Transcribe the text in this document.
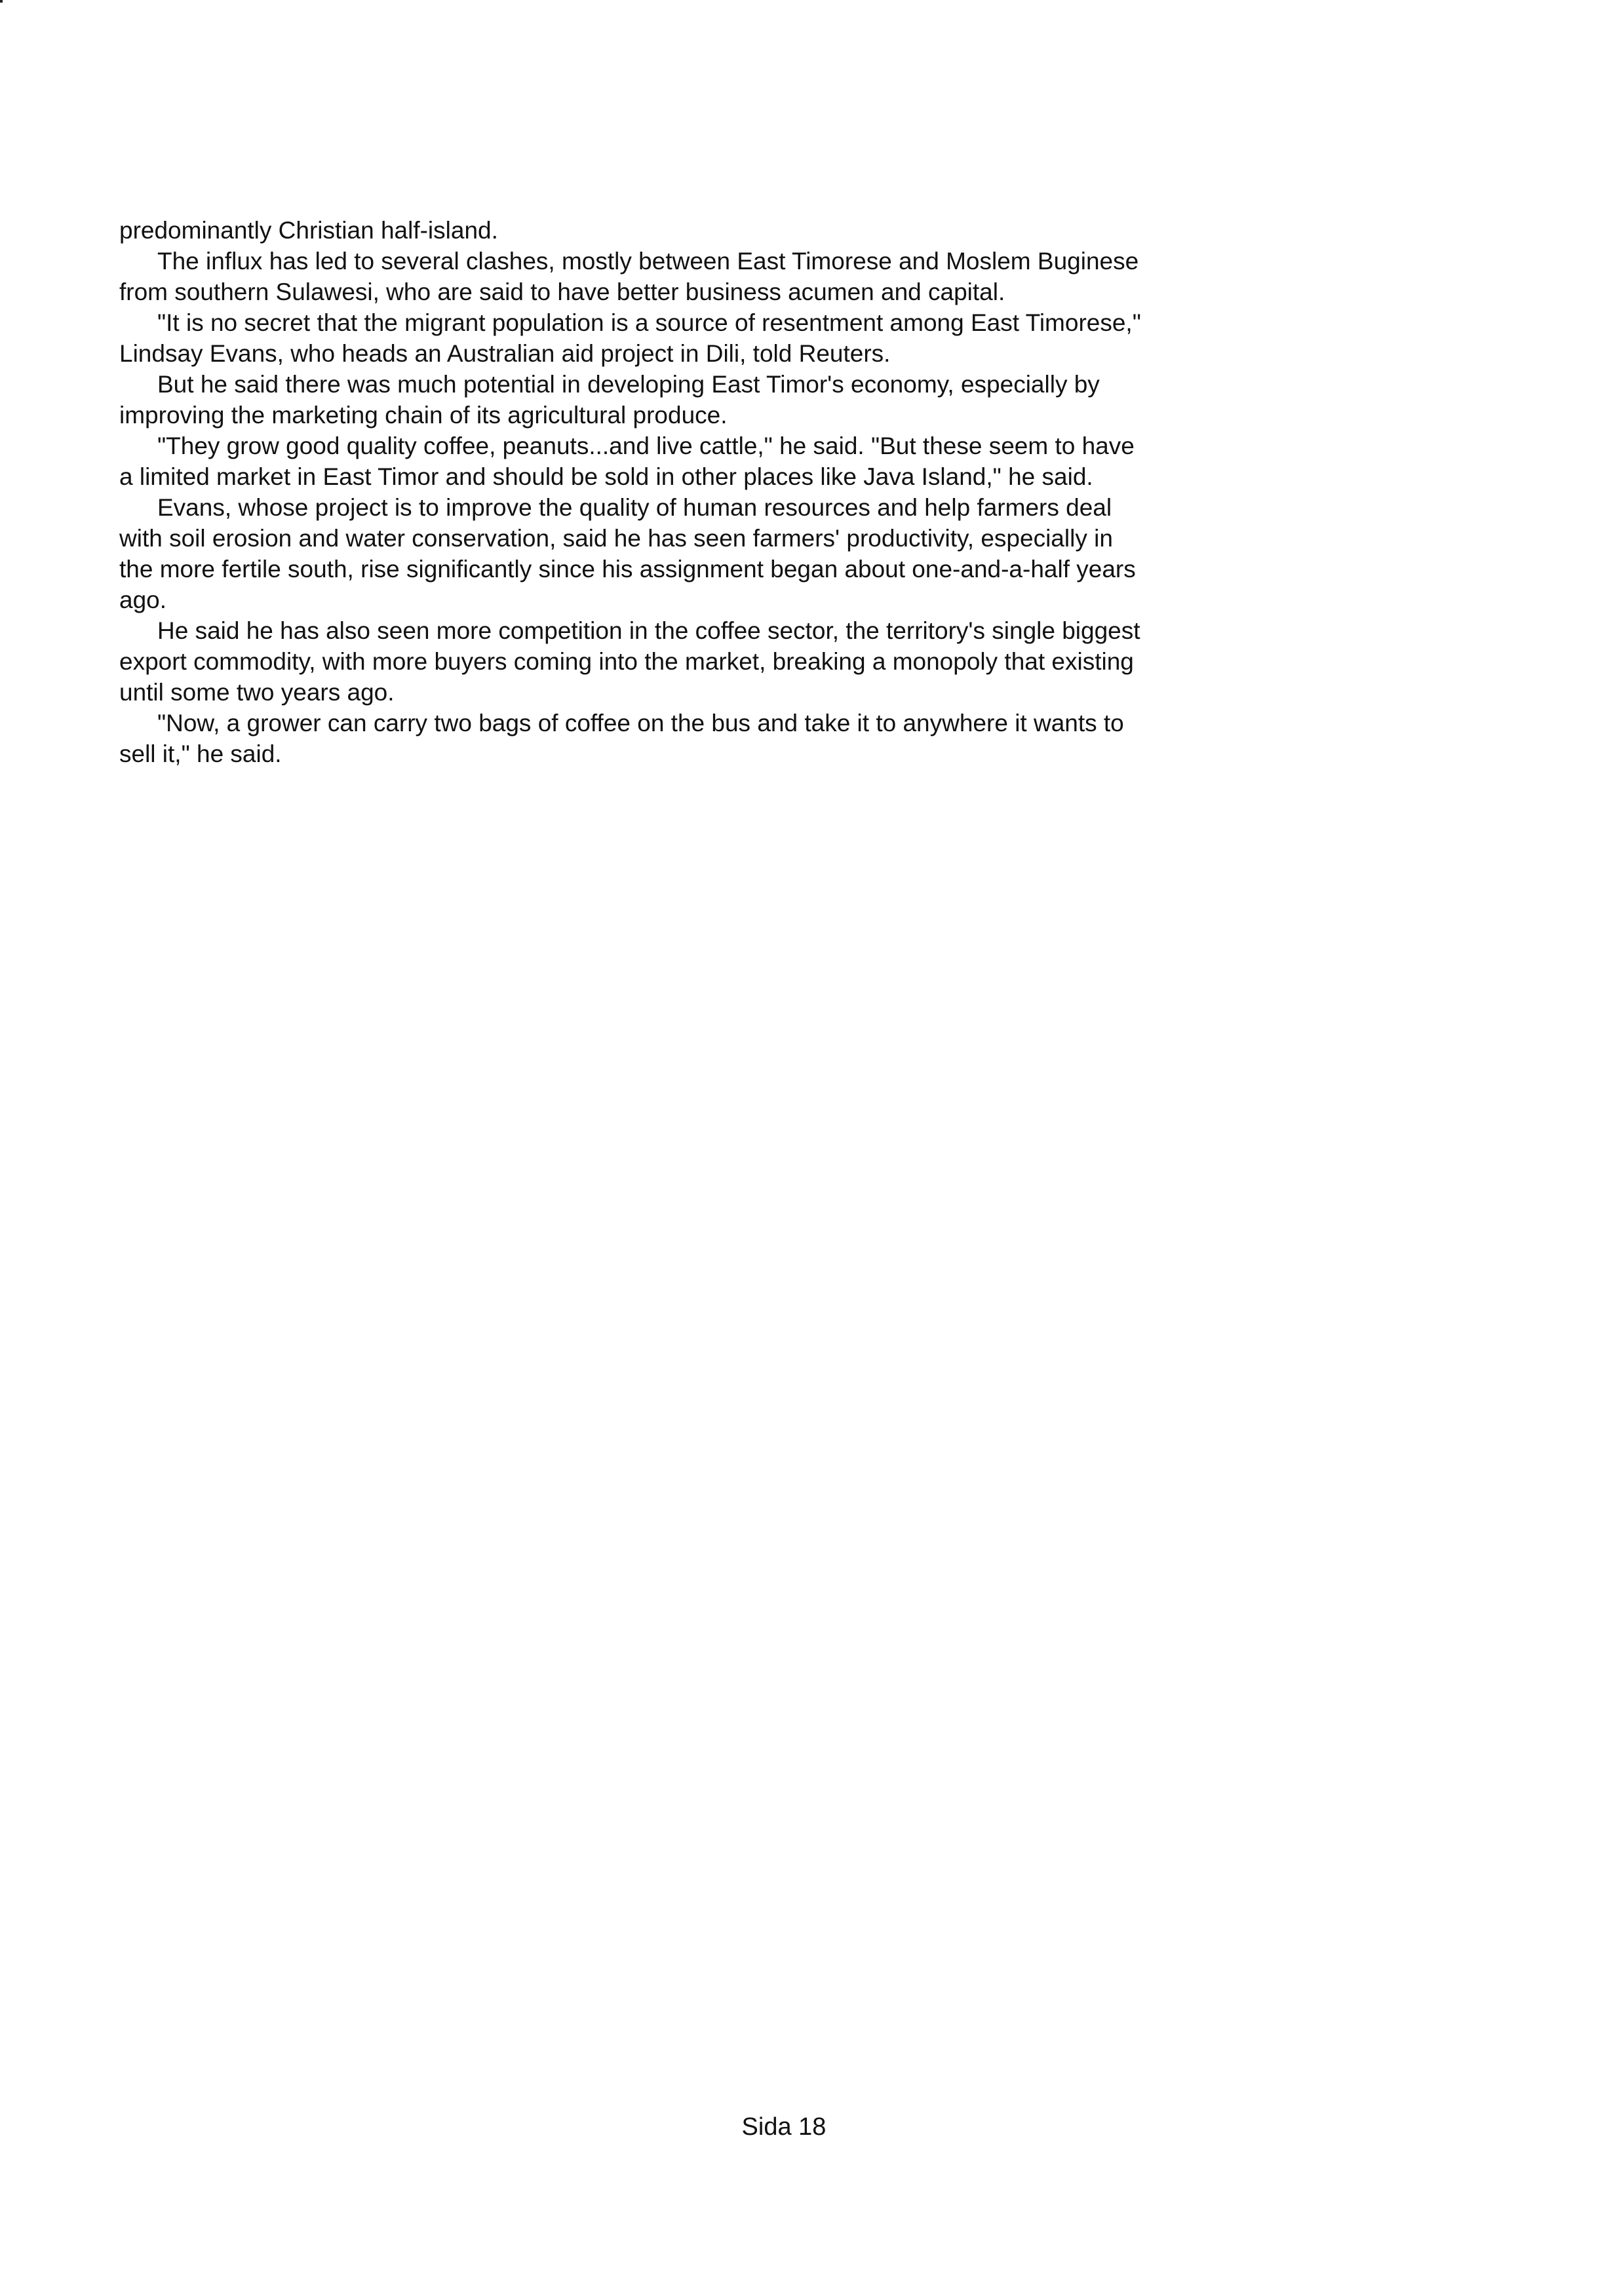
predominantly Christian half-island.

The influx has led to several clashes, mostly between East Timorese and Moslem Buginese from southern Sulawesi, who are said to have better business acumen and capital.

"It is no secret that the migrant population is a source of resentment among East Timorese," Lindsay Evans, who heads an Australian aid project in Dili, told Reuters.

But he said there was much potential in developing East Timor's economy, especially by improving the marketing chain of its agricultural produce.

"They grow good quality coffee, peanuts...and live cattle," he said. "But these seem to have a limited market in East Timor and should be sold in other places like Java Island," he said.

Evans, whose project is to improve the quality of human resources and help farmers deal with soil erosion and water conservation, said he has seen farmers' productivity, especially in the more fertile south, rise significantly since his assignment began about one-and-a-half years ago.

He said he has also seen more competition in the coffee sector, the territory's single biggest export commodity, with more buyers coming into the market, breaking a monopoly that existing until some two years ago.

"Now, a grower can carry two bags of coffee on the bus and take it to anywhere it wants to sell it," he said.

Sida 18
